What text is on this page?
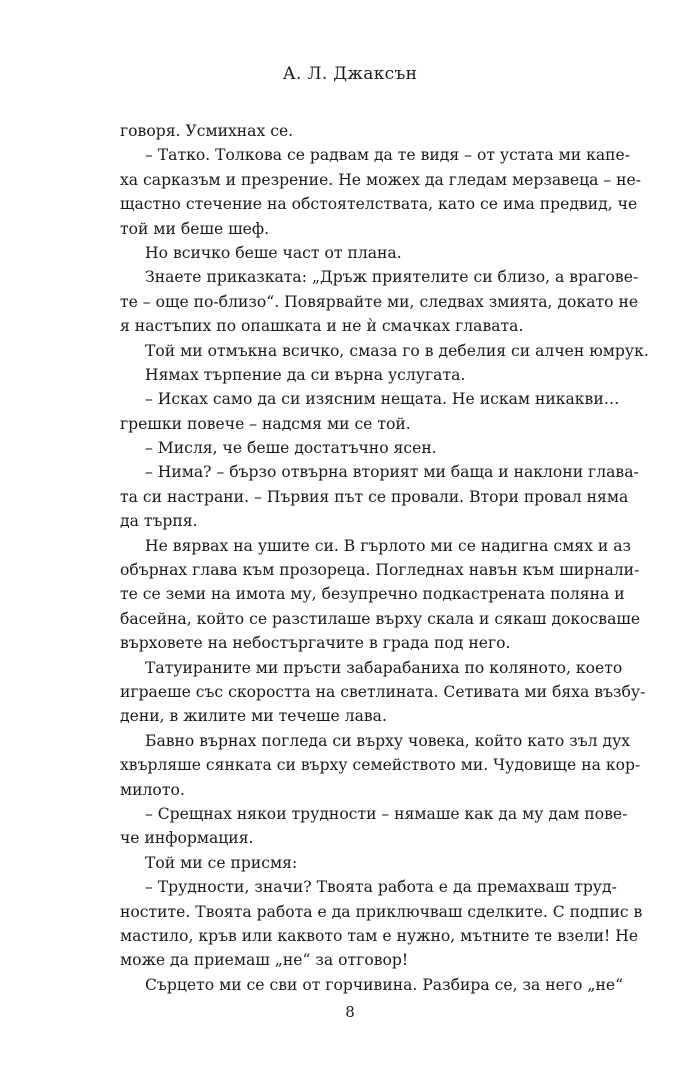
А. Л. Джаксън
говоря. Усмихнах се.
– Татко. Толкова се радвам да те видя – от устата ми капе-
ха сарказъм и презрение. Не можех да гледам мерзавеца – не-
щастно стечение на обстоятелствата, като се има предвид, че
той ми беше шеф.
Но всичко беше част от плана.
Знаете приказката: „Дръж приятелите си близо, а врагове-
те – още по-близо“. Повярвайте ми, следвах змията, докато не
я настъпих по опашката и не ѝ смачках главата.
Той ми отмъкна всичко, смаза го в дебелия си алчен юмрук.
Нямах търпение да си върна услугата.
– Исках само да си изясним нещата. Не искам никакви…
грешки повече – надсмя ми се той.
– Мисля, че беше достатъчно ясен.
– Нима? – бързо отвърна вторият ми баща и наклони глава-
та си настрани. – Първия път се провали. Втори провал няма
да търпя.
Не вярвах на ушите си. В гърлото ми се надигна смях и аз
обърнах глава към прозореца. Погледнах навън към ширнали-
те се земи на имота му, безупречно подкастрената поляна и
басейна, който се разстилаше върху скала и сякаш докосваше
върховете на небостъргачите в града под него.
Татуираните ми пръсти забарабаниха по коляното, което
играеше със скоростта на светлината. Сетивата ми бяха възбу-
дени, в жилите ми течеше лава.
Бавно върнах погледа си върху човека, който като зъл дух
хвърляше сянката си върху семейството ми. Чудовище на кор-
милото.
– Срещнах някои трудности – нямаше как да му дам пове-
че информация.
Той ми се присмя:
– Трудности, значи? Твоята работа е да премахваш труд-
ностите. Твоята работа е да приключваш сделките. С подпис в
мастило, кръв или каквото там е нужно, мътните те взели! Не
може да приемаш „не“ за отговор!
Сърцето ми се сви от горчивина. Разбира се, за него „не“
8
